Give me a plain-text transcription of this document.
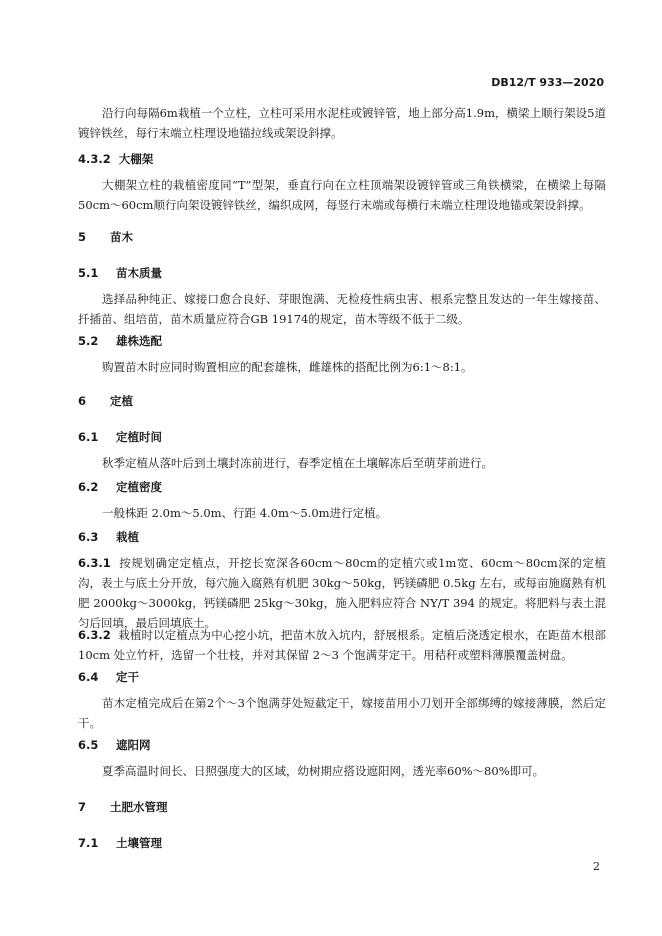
DB12/T 933—2020

沿行向每隔6m栽植一个立柱，立柱可采用水泥柱或镀锌管，地上部分高1.9m，横梁上顺行架设5道镀锌铁丝，每行末端立柱理设地锚拉线或架设斜撑。

4.3.2 大棚架

大棚架立柱的栽植密度同“T”型架，垂直行向在立柱顶端架设镀锌管或三角铁横梁，在横梁上每隔50cm～60cm顺行向架设镀锌铁丝，编织成网，每竖行末端或每横行末端立柱理设地锚或架设斜撑。

5 苗木
5.1 苗木质量

选择品种纯正、嫁接口愈合良好、芽眼饱满、无检疫性病虫害、根系完整且发达的一年生嫁接苗、扦插苗、组培苗，苗木质量应符合GB 19174的规定，苗木等级不低于二级。

5.2 雄株选配

购置苗木时应同时购置相应的配套雄株，雌雄株的搭配比例为6:1～8:1。

6 定植
6.1 定植时间

秋季定植从落叶后到土壤封冻前进行，春季定植在土壤解冻后至萌芽前进行。

6.2 定植密度

一般株距 2.0m～5.0m、行距 4.0m～5.0m进行定植。

6.3 栽植

6.3.1 按规划确定定植点，开挖长宽深各60cm～80cm的定植穴或1m宽、60cm～80cm深的定植沟，表土与底土分开放，每穴施入腐熟有机肥 30kg～50kg，钙镁磷肥 0.5kg 左右，或每亩施腐熟有机肥 2000kg～3000kg，钙镁磷肥 25kg～30kg，施入肥料应符合 NY/T 394 的规定。将肥料与表土混匀后回填，最后回填底土。

6.3.2 栽植时以定植点为中心挖小坑，把苗木放入坑内，舒展根系。定植后浇透定根水，在距苗木根部 10cm 处立竹杆，选留一个壮枝，并对其保留 2～3 个饱满芽定干。用秸秆或塑料薄膜覆盖树盘。

6.4 定干

苗木定植完成后在第2个～3个饱满芽处短截定干，嫁接苗用小刀划开全部绑缚的嫁接薄膜，然后定干。

6.5 遮阳网

夏季高温时间长、日照强度大的区域，幼树期应搭设遮阳网，透光率60%～80%即可。

7 土肥水管理
7.1 土壤管理
2
